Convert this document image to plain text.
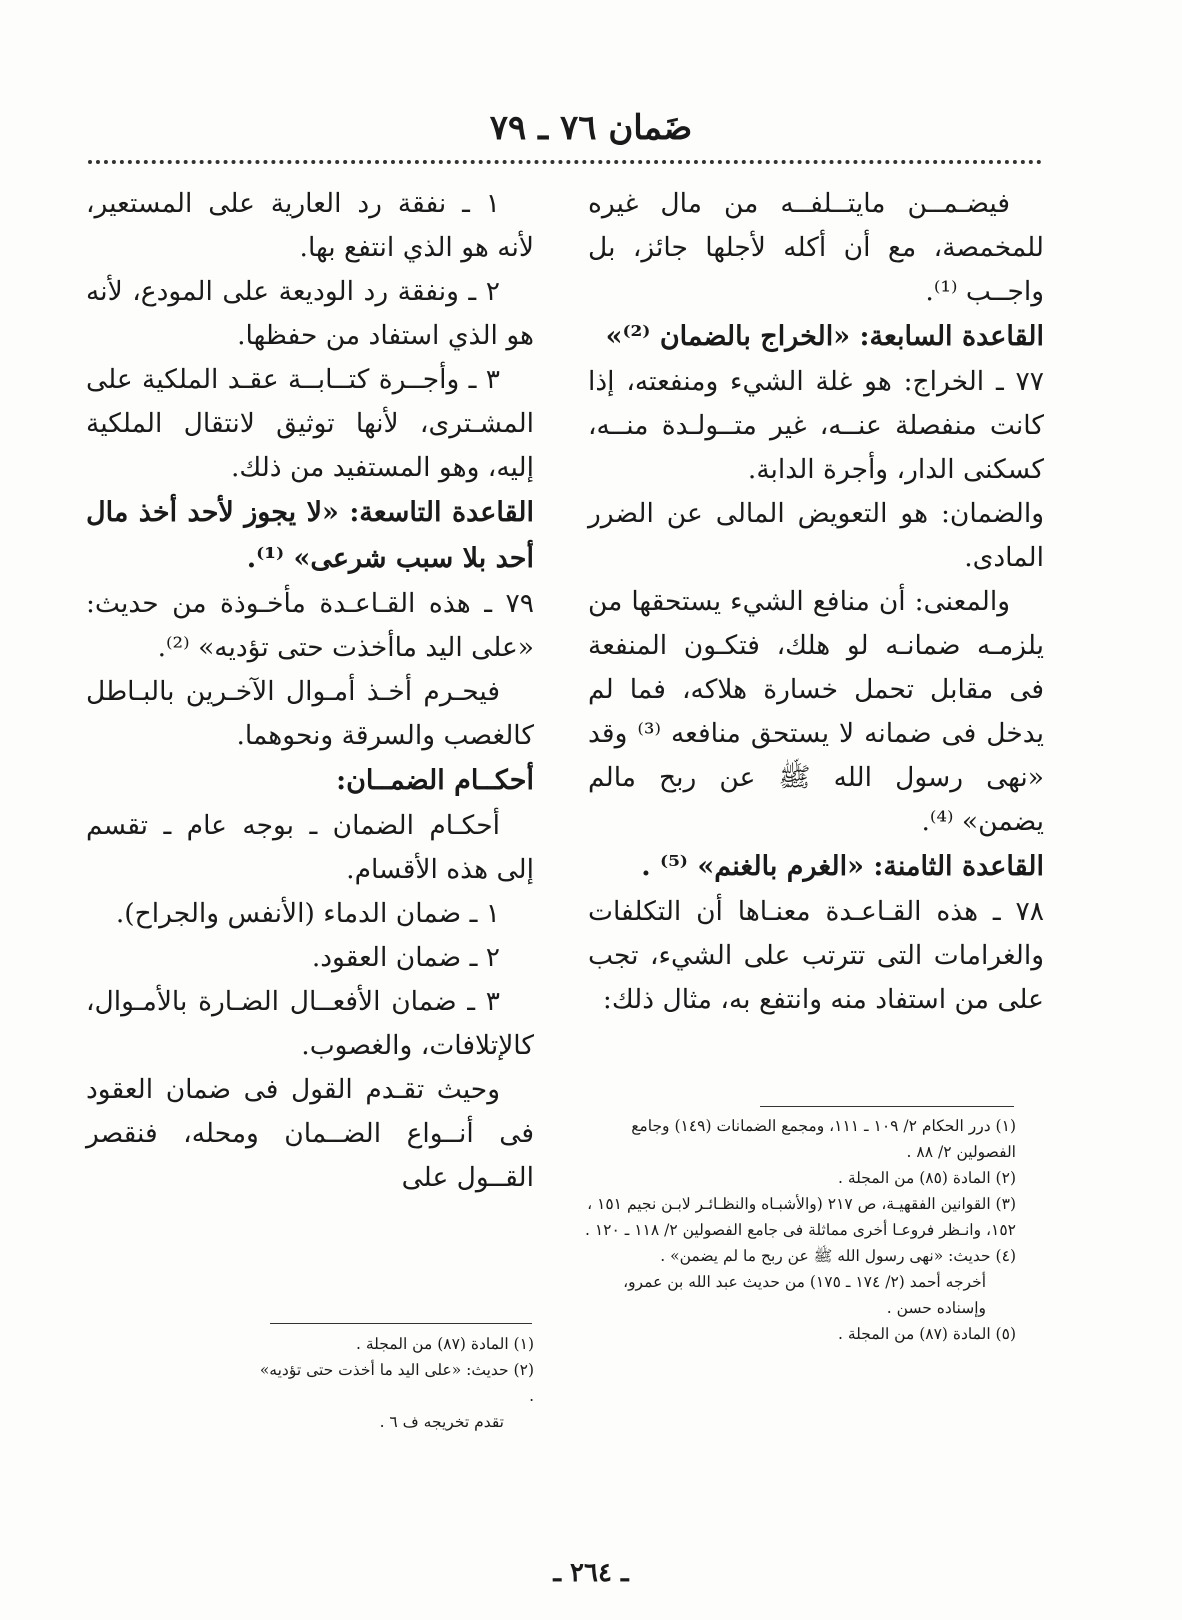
ضَمان ٧٦ ـ ٧٩

فيضـمــن مايتــلفــه من مال غيره للمخمصة، مع أن أكله لأجلها جائز، بل واجــب ⁽¹⁾.

القاعدة السابعة: «الخراج بالضمان ⁽²⁾»

٧٧ ـ الخراج: هو غلة الشيء ومنفعته، إذا كانت منفصلة عنــه، غير متــولـدة منــه، كسكنى الدار، وأجرة الدابة.

والضمان: هو التعويض المالى عن الضرر المادى.

والمعنى: أن منافع الشيء يستحقها من يلزمـه ضمانـه لو هلك، فتكـون المنفعة فى مقابل تحمل خسارة هلاكه، فما لم يدخل فى ضمانه لا يستحق منافعه ⁽³⁾ وقد «نهى رسول الله ﷺ عن ربح مالم يضمن» ⁽⁴⁾.

القاعدة الثامنة: «الغرم بالغنم» ⁽⁵⁾ .

٧٨ ـ هذه القـاعـدة معنـاها أن التكلفات والغرامات التى تترتب على الشيء، تجب على من استفاد منه وانتفع به، مثال ذلك:

١ ـ نفقة رد العارية على المستعير، لأنه هو الذي انتفع بها.

٢ ـ ونفقة رد الوديعة على المودع، لأنه هو الذي استفاد من حفظها.

٣ ـ وأجــرة كتــابــة عقـد الملكية على المشـترى، لأنها توثيق لانتقال الملكية إليه، وهو المستفيد من ذلك.

القاعدة التاسعة: «لا يجوز لأحد أخذ مال أحد بلا سبب شرعى» ⁽¹⁾.

٧٩ ـ هذه القـاعـدة مأخـوذة من حديث: «على اليد ماأخذت حتى تؤديه» ⁽²⁾.

فيحـرم أخـذ أمـوال الآخـرين بالبـاطل كالغصب والسرقة ونحوهما.

أحكــام الضمــان:

أحكـام الضمان ـ بوجه عام ـ تقسم إلى هذه الأقسام.

١ ـ ضمان الدماء (الأنفس والجراح).

٢ ـ ضمان العقود.

٣ ـ ضمان الأفعــال الضـارة بالأمـوال، كالإتلافات، والغصوب.

وحيث تقـدم القول فى ضمان العقود فى أنــواع الضــمان ومحله، فنقصر القــول على

(١) درر الحكام ٢/ ١٠٩ ـ ١١١، ومجمع الضمانات (١٤٩) وجامع الفصولين ٢/ ٨٨ .

(٢) المادة (٨٥) من المجلة .

(٣) القوانين الفقهيـة، ص ٢١٧ (والأشبـاه والنظـائـر لابـن نجيم ١٥١ ، ١٥٢، وانـظر فروعـا أخرى مماثلة فى جامع الفصولين ٢/ ١١٨ ـ ١٢٠ .

(٤) حديث: «نهى رسول الله ﷺ عن ربح ما لم يضمن» .

أخرجه أحمد (٢/ ١٧٤ ـ ١٧٥) من حديث عبد الله بن عمرو، وإسناده حسن .

(٥) المادة (٨٧) من المجلة .

(١) المادة (٨٧) من المجلة .

(٢) حديث: «على اليد ما أخذت حتى تؤديه» .

تقدم تخريجه ف ٦ .

ـ ٢٦٤ ـ
